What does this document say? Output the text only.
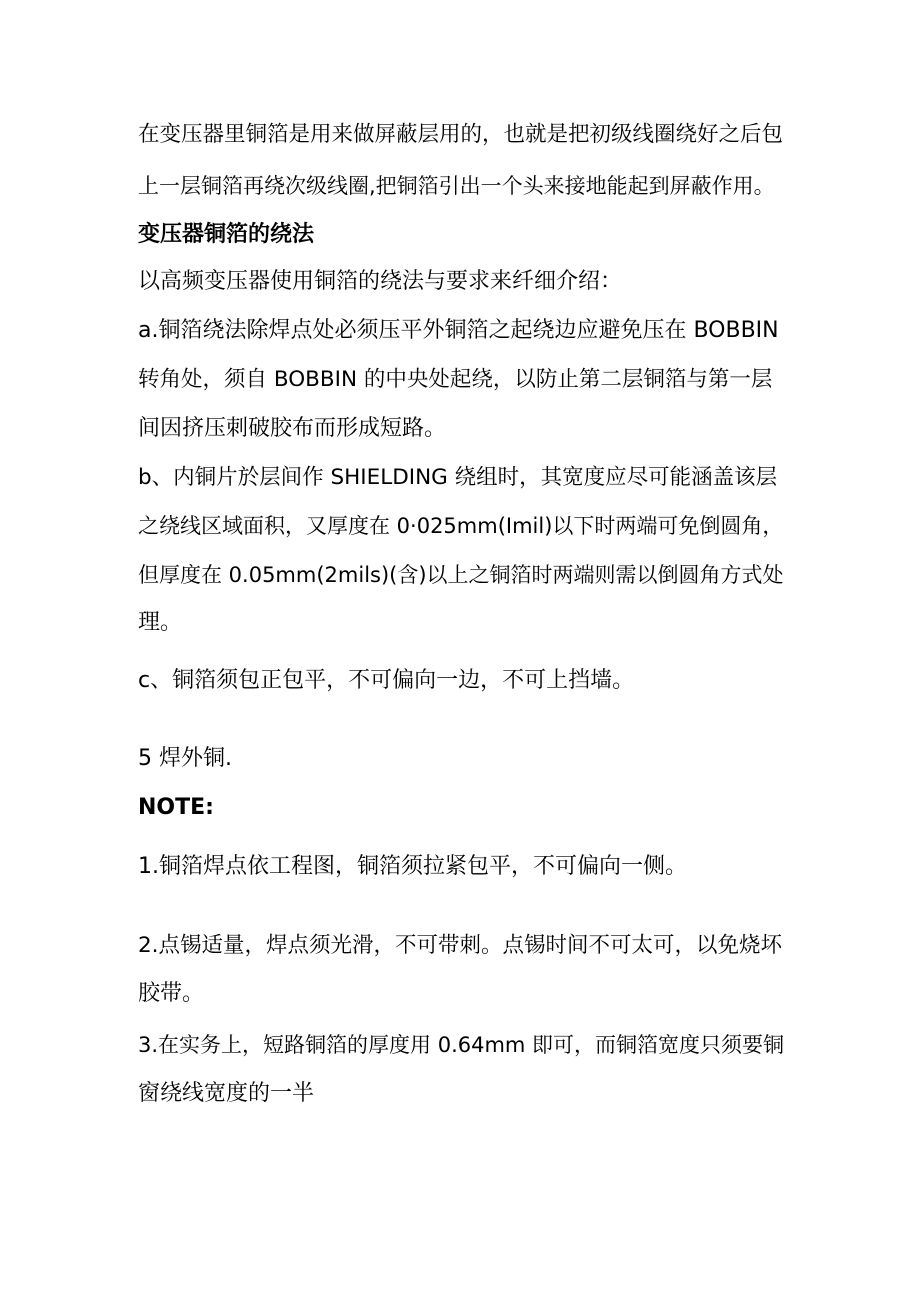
在变压器里铜箔是用来做屏蔽层用的，也就是把初级线圈绕好之后包

上一层铜箔再绕次级线圈,把铜箔引出一个头来接地能起到屏蔽作用。

变压器铜箔的绕法

以高频变压器使用铜箔的绕法与要求来纤细介绍：

a.铜箔绕法除焊点处必须压平外铜箔之起绕边应避免压在 BOBBIN

转角处，须自 BOBBIN 的中央处起绕，以防止第二层铜箔与第一层

间因挤压刺破胶布而形成短路。

b、内铜片於层间作 SHIELDING 绕组时，其宽度应尽可能涵盖该层

之绕线区域面积，又厚度在 0·025mm(Imil)以下时两端可免倒圆角，

但厚度在 0.05mm(2mils)(含)以上之铜箔时两端则需以倒圆角方式处

理。

c、铜箔须包正包平，不可偏向一边，不可上挡墙。

5 焊外铜.

NOTE:

1.铜箔焊点依工程图，铜箔须拉紧包平，不可偏向一侧。

2.点锡适量，焊点须光滑，不可带刺。点锡时间不可太可，以免烧坏

胶带。

3.在实务上，短路铜箔的厚度用 0.64mm 即可，而铜箔宽度只须要铜

窗绕线宽度的一半
